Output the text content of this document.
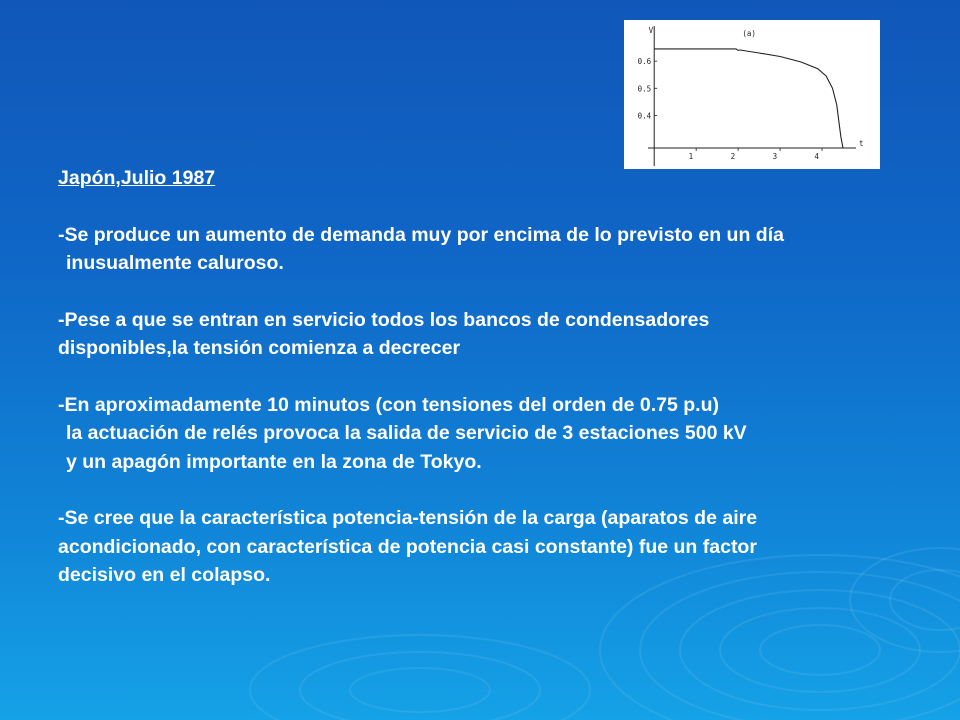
0.4
0.5
0.6
1	2	3	4
V
t
(a)
Japón,Julio 1987
-Se produce un aumento de demanda muy por encima de lo previsto en un día
inusualmente caluroso.
-Pese a que se entran en servicio todos los bancos de condensadores
disponibles,la tensión comienza a decrecer
-En aproximadamente 10 minutos (con tensiones del orden de 0.75 p.u)
la actuación de relés provoca la salida de servicio de 3 estaciones 500 kV
y un apagón importante en la zona de Tokyo.
-Se cree que la característica potencia-tensión de la carga (aparatos de aire
acondicionado, con característica de potencia casi constante) fue un factor
decisivo en el colapso.
